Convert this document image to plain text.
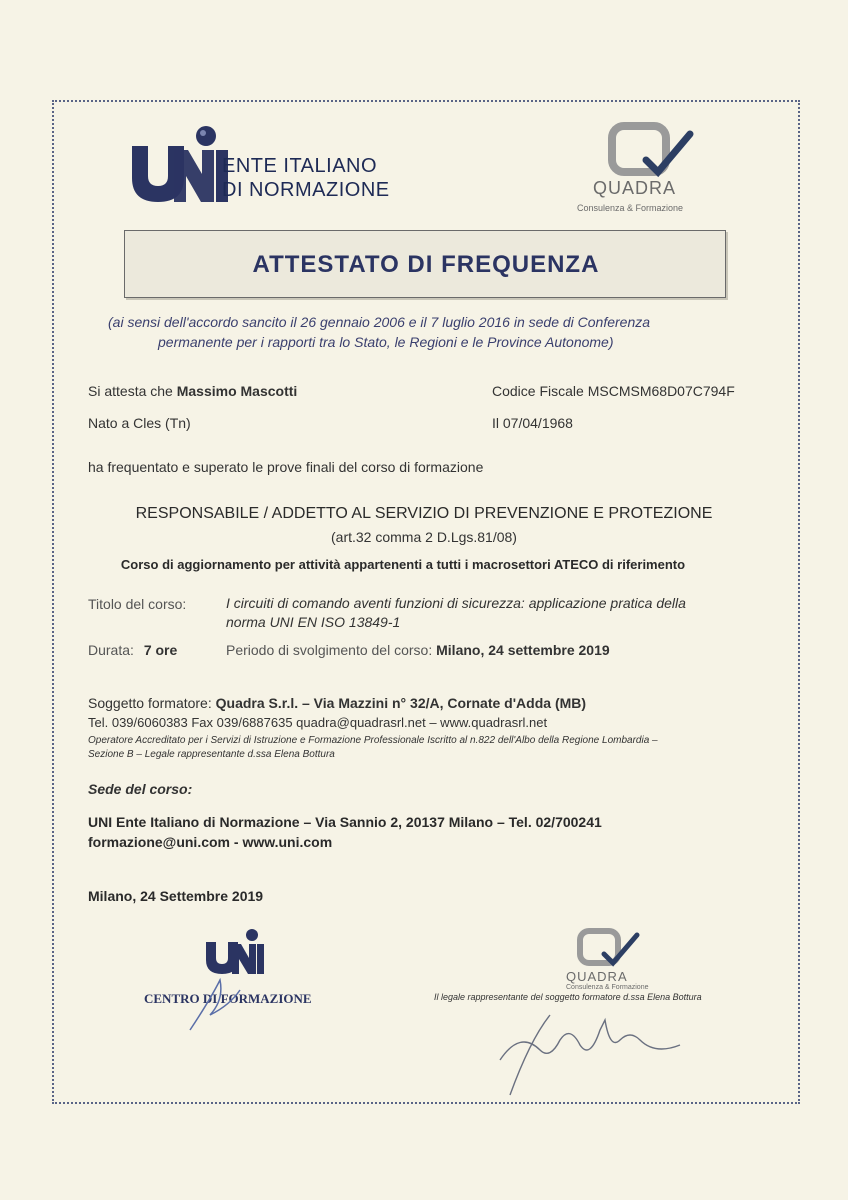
ENTE ITALIANO
DI NORMAZIONE	QUADRA
Consulenza & Formazione
ATTESTATO DI FREQUENZA
(ai sensi dell'accordo sancito il 26 gennaio 2006 e il 7 luglio 2016 in sede di Conferenza
permanente per i rapporti tra lo Stato, le Regioni e le Province Autonome)
Si attesta che Massimo Mascotti	Codice Fiscale MSCMSM68D07C794F
Nato a Cles (Tn)	Il 07/04/1968
ha frequentato e superato le prove finali del corso di formazione
RESPONSABILE / ADDETTO AL SERVIZIO DI PREVENZIONE E PROTEZIONE
(art.32 comma 2 D.Lgs.81/08)
Corso di aggiornamento per attività appartenenti a tutti i macrosettori ATECO di riferimento
Titolo del corso:	I circuiti di comando aventi funzioni di sicurezza: applicazione pratica della
norma UNI EN ISO 13849-1
Durata: 7 ore	Periodo di svolgimento del corso: Milano, 24 settembre 2019
Soggetto formatore: Quadra S.r.l. – Via Mazzini n° 32/A, Cornate d'Adda (MB)
Tel. 039/6060383 Fax 039/6887635 quadra@quadrasrl.net – www.quadrasrl.net
Operatore Accreditato per i Servizi di Istruzione e Formazione Professionale Iscritto al n.822 dell'Albo della Regione Lombardia –
Sezione B – Legale rappresentante d.ssa Elena Bottura
Sede del corso:
UNI Ente Italiano di Normazione – Via Sannio 2, 20137 Milano – Tel. 02/700241
formazione@uni.com - www.uni.com
Milano, 24 Settembre 2019
CENTRO DI FORMAZIONE
QUADRA
Consulenza & Formazione
Il legale rappresentante del soggetto formatore d.ssa Elena Bottura
